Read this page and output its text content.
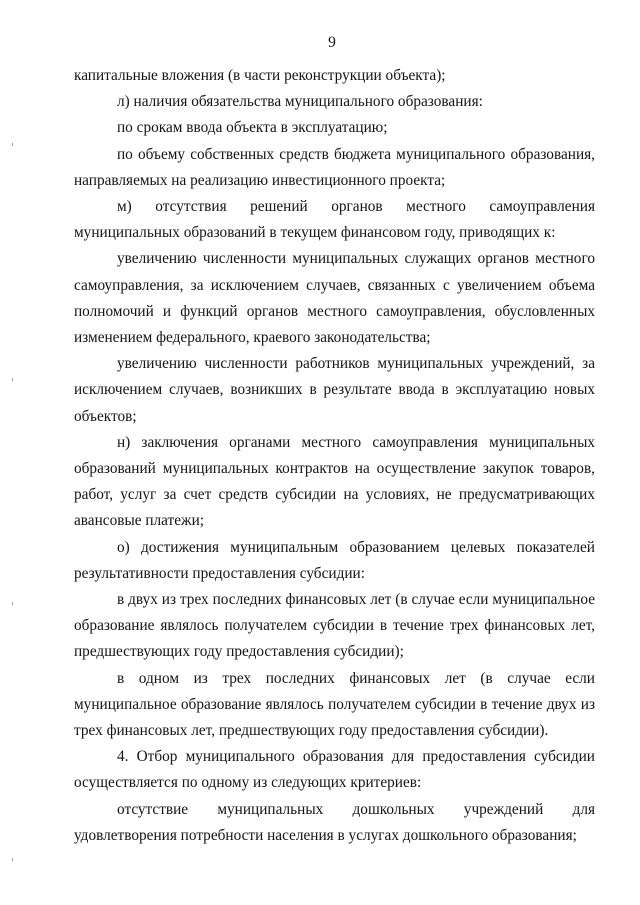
9

капитальные вложения (в части реконструкции объекта);

л) наличия обязательства муниципального образования:

по срокам ввода объекта в эксплуатацию;

по объему собственных средств бюджета муниципального образования, направляемых на реализацию инвестиционного проекта;

м) отсутствия решений органов местного самоуправления муниципальных образований в текущем финансовом году, приводящих к:

увеличению численности муниципальных служащих органов местного самоуправления, за исключением случаев, связанных с увеличением объема полномочий и функций органов местного самоуправления, обусловленных изменением федерального, краевого законодательства;

увеличению численности работников муниципальных учреждений, за исключением случаев, возникших в результате ввода в эксплуатацию новых объектов;

н) заключения органами местного самоуправления муниципальных образований муниципальных контрактов на осуществление закупок товаров, работ, услуг за счет средств субсидии на условиях, не предусматривающих авансовые платежи;

о) достижения муниципальным образованием целевых показателей результативности предоставления субсидии:

в двух из трех последних финансовых лет (в случае если муниципальное образование являлось получателем субсидии в течение трех финансовых лет, предшествующих году предоставления субсидии);

в одном из трех последних финансовых лет (в случае если муниципальное образование являлось получателем субсидии в течение двух из трех финансовых лет, предшествующих году предоставления субсидии).

4. Отбор муниципального образования для предоставления субсидии осуществляется по одному из следующих критериев:

отсутствие муниципальных дошкольных учреждений для удовлетворения потребности населения в услугах дошкольного образования;
